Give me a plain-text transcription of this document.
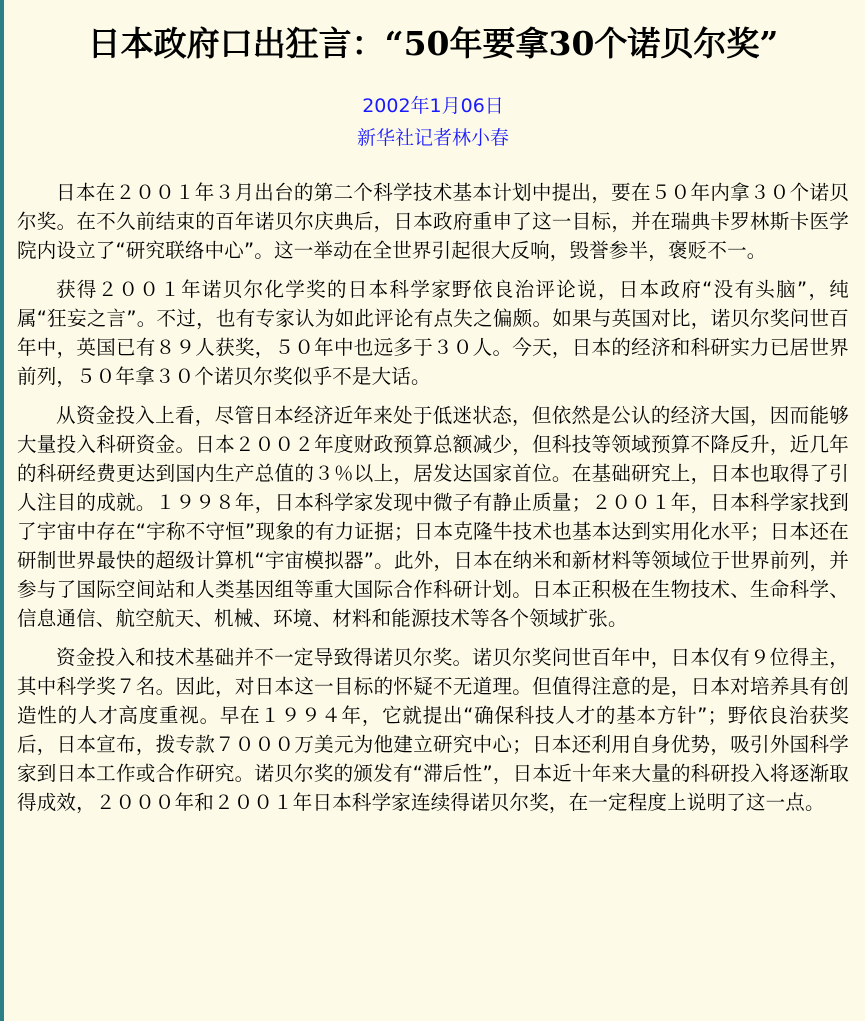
日本政府口出狂言：“50年要拿30个诺贝尔奖”
2002年1月06日
新华社记者林小春

日本在２００１年３月出台的第二个科学技术基本计划中提出，要在５０年内拿３０个诺贝尔奖。在不久前结束的百年诺贝尔庆典后，日本政府重申了这一目标，并在瑞典卡罗林斯卡医学院内设立了“研究联络中心”。这一举动在全世界引起很大反响，毁誉参半，褒贬不一。

获得２００１年诺贝尔化学奖的日本科学家野依良治评论说，日本政府“没有头脑”，纯属“狂妄之言”。不过，也有专家认为如此评论有点失之偏颇。如果与英国对比，诺贝尔奖问世百年中，英国已有８９人获奖，５０年中也远多于３０人。今天，日本的经济和科研实力已居世界前列，５０年拿３０个诺贝尔奖似乎不是大话。

从资金投入上看，尽管日本经济近年来处于低迷状态，但依然是公认的经济大国，因而能够大量投入科研资金。日本２００２年度财政预算总额减少，但科技等领域预算不降反升，近几年的科研经费更达到国内生产总值的３％以上，居发达国家首位。在基础研究上，日本也取得了引人注目的成就。１９９８年，日本科学家发现中微子有静止质量；２００１年，日本科学家找到了宇宙中存在“宇称不守恒”现象的有力证据；日本克隆牛技术也基本达到实用化水平；日本还在研制世界最快的超级计算机“宇宙模拟器”。此外，日本在纳米和新材料等领域位于世界前列，并参与了国际空间站和人类基因组等重大国际合作科研计划。日本正积极在生物技术、生命科学、信息通信、航空航天、机械、环境、材料和能源技术等各个领域扩张。

资金投入和技术基础并不一定导致得诺贝尔奖。诺贝尔奖问世百年中，日本仅有９位得主，其中科学奖７名。因此，对日本这一目标的怀疑不无道理。但值得注意的是，日本对培养具有创造性的人才高度重视。早在１９９４年，它就提出“确保科技人才的基本方针”；野依良治获奖后，日本宣布，拨专款７０００万美元为他建立研究中心；日本还利用自身优势，吸引外国科学家到日本工作或合作研究。诺贝尔奖的颁发有“滞后性”，日本近十年来大量的科研投入将逐渐取得成效，２０００年和２００１年日本科学家连续得诺贝尔奖，在一定程度上说明了这一点。
